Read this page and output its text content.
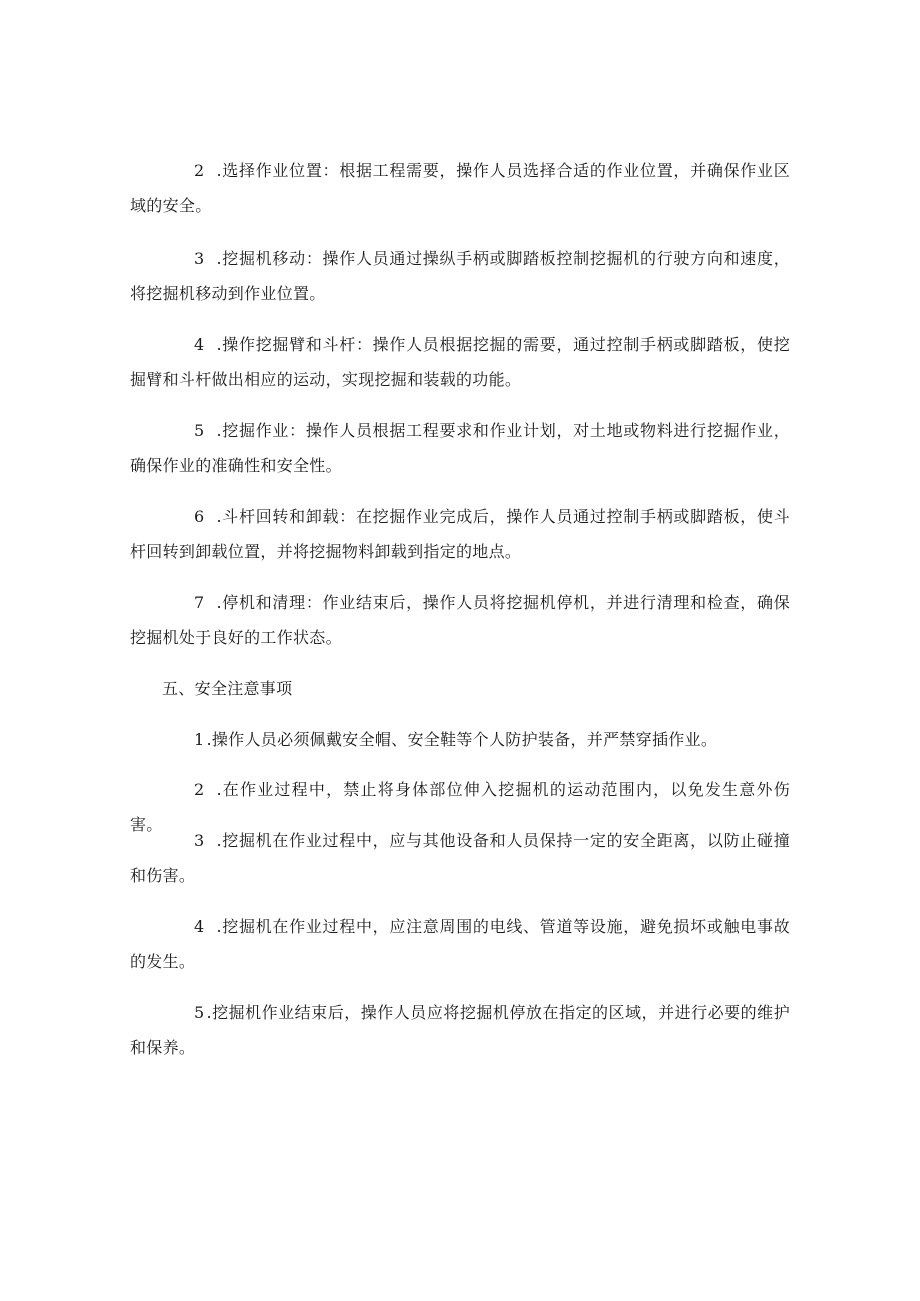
2 .选择作业位置：根据工程需要，操作人员选择合适的作业位置，并确保作业区域的安全。

3 .挖掘机移动：操作人员通过操纵手柄或脚踏板控制挖掘机的行驶方向和速度，将挖掘机移动到作业位置。

4 .操作挖掘臂和斗杆：操作人员根据挖掘的需要，通过控制手柄或脚踏板，使挖掘臂和斗杆做出相应的运动，实现挖掘和装载的功能。

5 .挖掘作业：操作人员根据工程要求和作业计划，对土地或物料进行挖掘作业，确保作业的准确性和安全性。

6 .斗杆回转和卸载：在挖掘作业完成后，操作人员通过控制手柄或脚踏板，使斗杆回转到卸载位置，并将挖掘物料卸载到指定的地点。

7 .停机和清理：作业结束后，操作人员将挖掘机停机，并进行清理和检查，确保挖掘机处于良好的工作状态。

五、安全注意事项

1 .操作人员必须佩戴安全帽、安全鞋等个人防护装备，并严禁穿插作业。

2 .在作业过程中，禁止将身体部位伸入挖掘机的运动范围内，以免发生意外伤害。

3 .挖掘机在作业过程中，应与其他设备和人员保持一定的安全距离，以防止碰撞和伤害。

4 .挖掘机在作业过程中，应注意周围的电线、管道等设施，避免损坏或触电事故的发生。

5 .挖掘机作业结束后，操作人员应将挖掘机停放在指定的区域，并进行必要的维护和保养。
